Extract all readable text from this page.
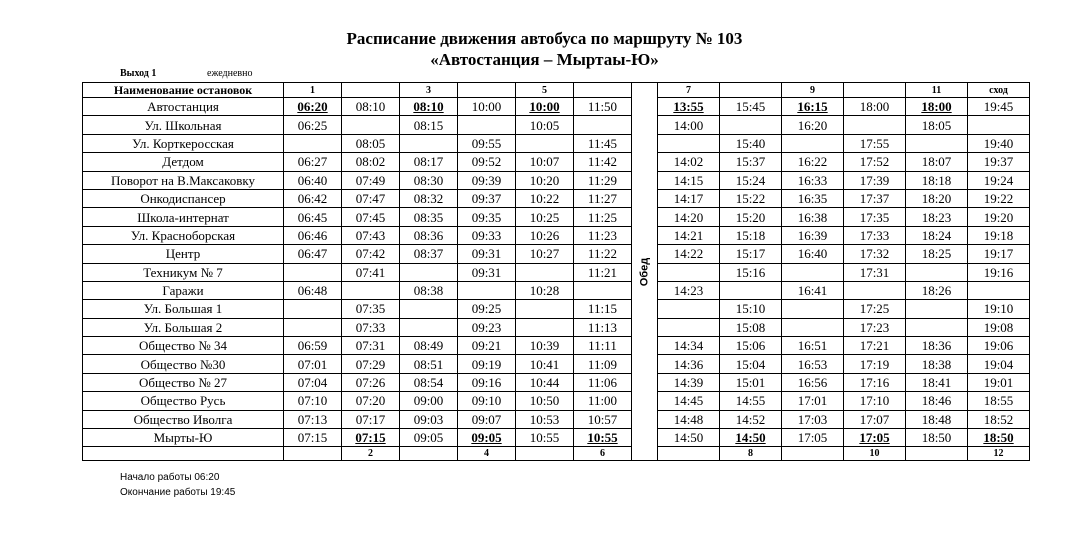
Расписание движения автобуса по маршруту № 103
«Автостанция – Мыртаы-Ю»
Выход 1	ежедневно
Наименование остановок	1		3		5		Обед	7		9		11	сход
Автостанция	06:20	08:10	08:10	10:00	10:00	11:50		13:55	15:45	16:15	18:00	18:00	19:45
Ул. Школьная	06:25		08:15		10:05			14:00		16:20		18:05	
Ул. Корткеросская		08:05		09:55		11:45			15:40		17:55		19:40
Детдом	06:27	08:02	08:17	09:52	10:07	11:42		14:02	15:37	16:22	17:52	18:07	19:37
Поворот на В.Максаковку	06:40	07:49	08:30	09:39	10:20	11:29		14:15	15:24	16:33	17:39	18:18	19:24
Онкодиспансер	06:42	07:47	08:32	09:37	10:22	11:27		14:17	15:22	16:35	17:37	18:20	19:22
Школа-интернат	06:45	07:45	08:35	09:35	10:25	11:25		14:20	15:20	16:38	17:35	18:23	19:20
Ул. Красноборская	06:46	07:43	08:36	09:33	10:26	11:23		14:21	15:18	16:39	17:33	18:24	19:18
Центр	06:47	07:42	08:37	09:31	10:27	11:22		14:22	15:17	16:40	17:32	18:25	19:17
Техникум № 7		07:41		09:31		11:21			15:16		17:31		19:16
Гаражи	06:48		08:38		10:28			14:23		16:41		18:26	
Ул. Большая 1		07:35		09:25		11:15			15:10		17:25		19:10
Ул. Большая 2		07:33		09:23		11:13			15:08		17:23		19:08
Общество № 34	06:59	07:31	08:49	09:21	10:39	11:11		14:34	15:06	16:51	17:21	18:36	19:06
Общество №30	07:01	07:29	08:51	09:19	10:41	11:09		14:36	15:04	16:53	17:19	18:38	19:04
Общество № 27	07:04	07:26	08:54	09:16	10:44	11:06		14:39	15:01	16:56	17:16	18:41	19:01
Общество Русь	07:10	07:20	09:00	09:10	10:50	11:00		14:45	14:55	17:01	17:10	18:46	18:55
Общество Иволга	07:13	07:17	09:03	09:07	10:53	10:57		14:48	14:52	17:03	17:07	18:48	18:52
Мырты-Ю	07:15	07:15	09:05	09:05	10:55	10:55		14:50	14:50	17:05	17:05	18:50	18:50
		2		4		6			8		10		12
Начало работы 06:20
Окончание работы 19:45
